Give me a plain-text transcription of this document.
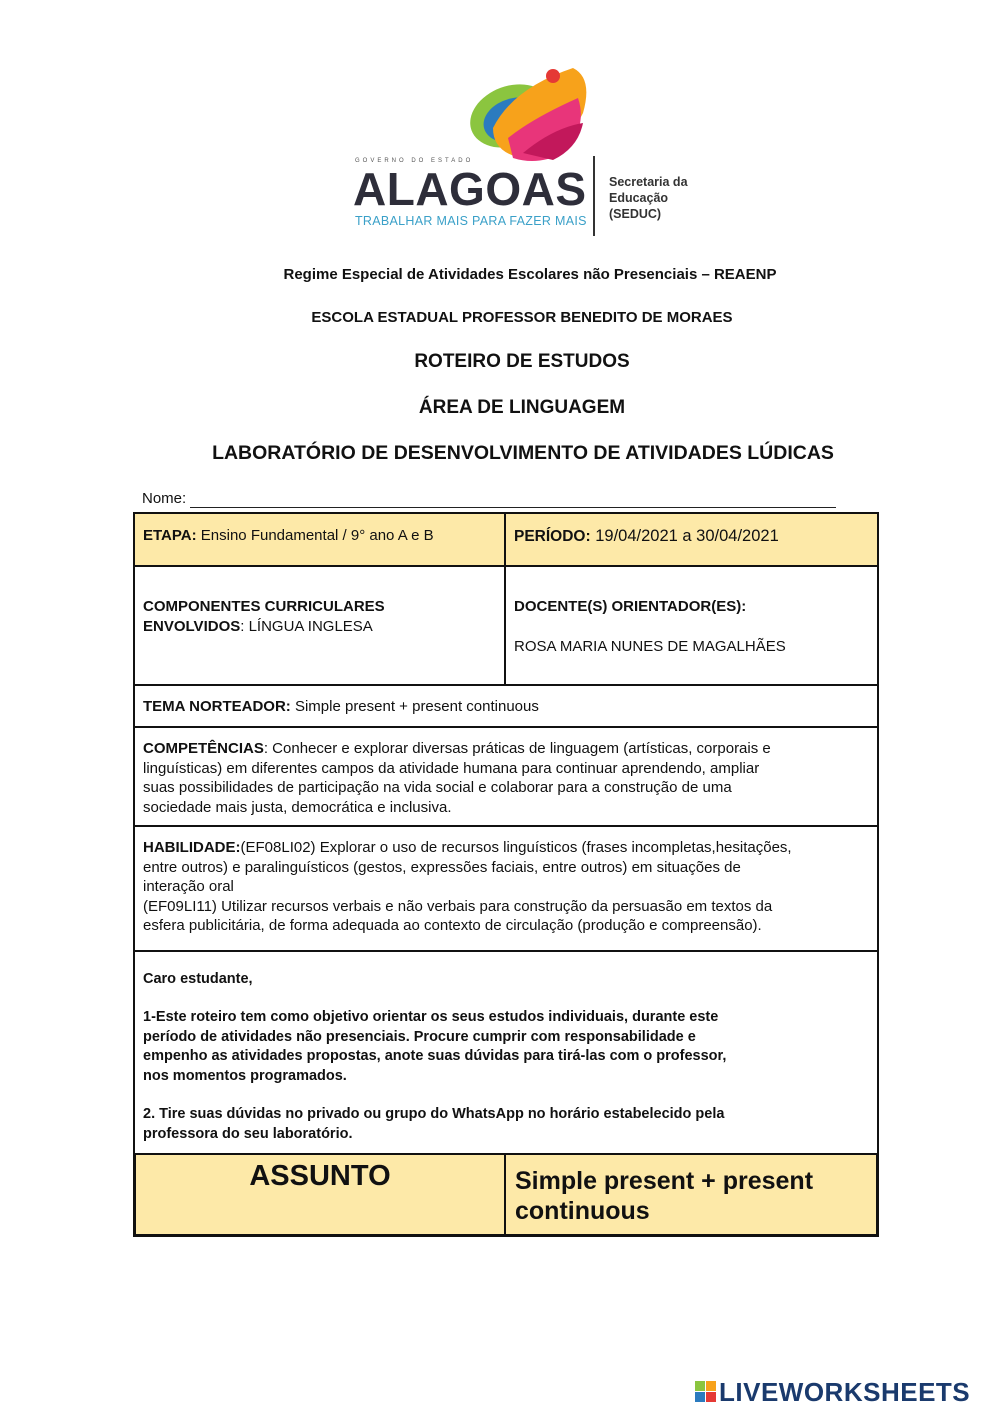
GOVERNO DO ESTADO
ALAGOAS
TRABALHAR MAIS PARA FAZER MAIS
Secretaria da
Educação
(SEDUC)
Regime Especial de Atividades Escolares não Presenciais – REAENP
ESCOLA ESTADUAL PROFESSOR BENEDITO DE MORAES
ROTEIRO DE ESTUDOS
ÁREA DE LINGUAGEM
LABORATÓRIO DE DESENVOLVIMENTO DE ATIVIDADES LÚDICAS
Nome:
ETAPA: Ensino Fundamental / 9° ano A e B	PERÍODO: 19/04/2021 a 30/04/2021
COMPONENTES CURRICULARES
ENVOLVIDOS: LÍNGUA INGLESA
DOCENTE(S) ORIENTADOR(ES):
ROSA MARIA NUNES DE MAGALHÃES
TEMA NORTEADOR: Simple present + present continuous
COMPETÊNCIAS: Conhecer e explorar diversas práticas de linguagem (artísticas, corporais e
linguísticas) em diferentes campos da atividade humana para continuar aprendendo, ampliar
suas possibilidades de participação na vida social e colaborar para a construção de uma
sociedade mais justa, democrática e inclusiva.
HABILIDADE:(EF08LI02) Explorar o uso de recursos linguísticos (frases incompletas,hesitações,
entre outros) e paralinguísticos (gestos, expressões faciais, entre outros) em situações de
interação oral
(EF09LI11) Utilizar recursos verbais e não verbais para construção da persuasão em textos da
esfera publicitária, de forma adequada ao contexto de circulação (produção e compreensão).
Caro estudante,
1-Este roteiro tem como objetivo orientar os seus estudos individuais, durante este
período de atividades não presenciais. Procure cumprir com responsabilidade e
empenho as atividades propostas, anote suas dúvidas para tirá-las com o professor,
nos momentos programados.
2. Tire suas dúvidas no privado ou grupo do WhatsApp no horário estabelecido pela
professora do seu laboratório.
ASSUNTO	Simple present + present
continuous
LIVEWORKSHEETS
